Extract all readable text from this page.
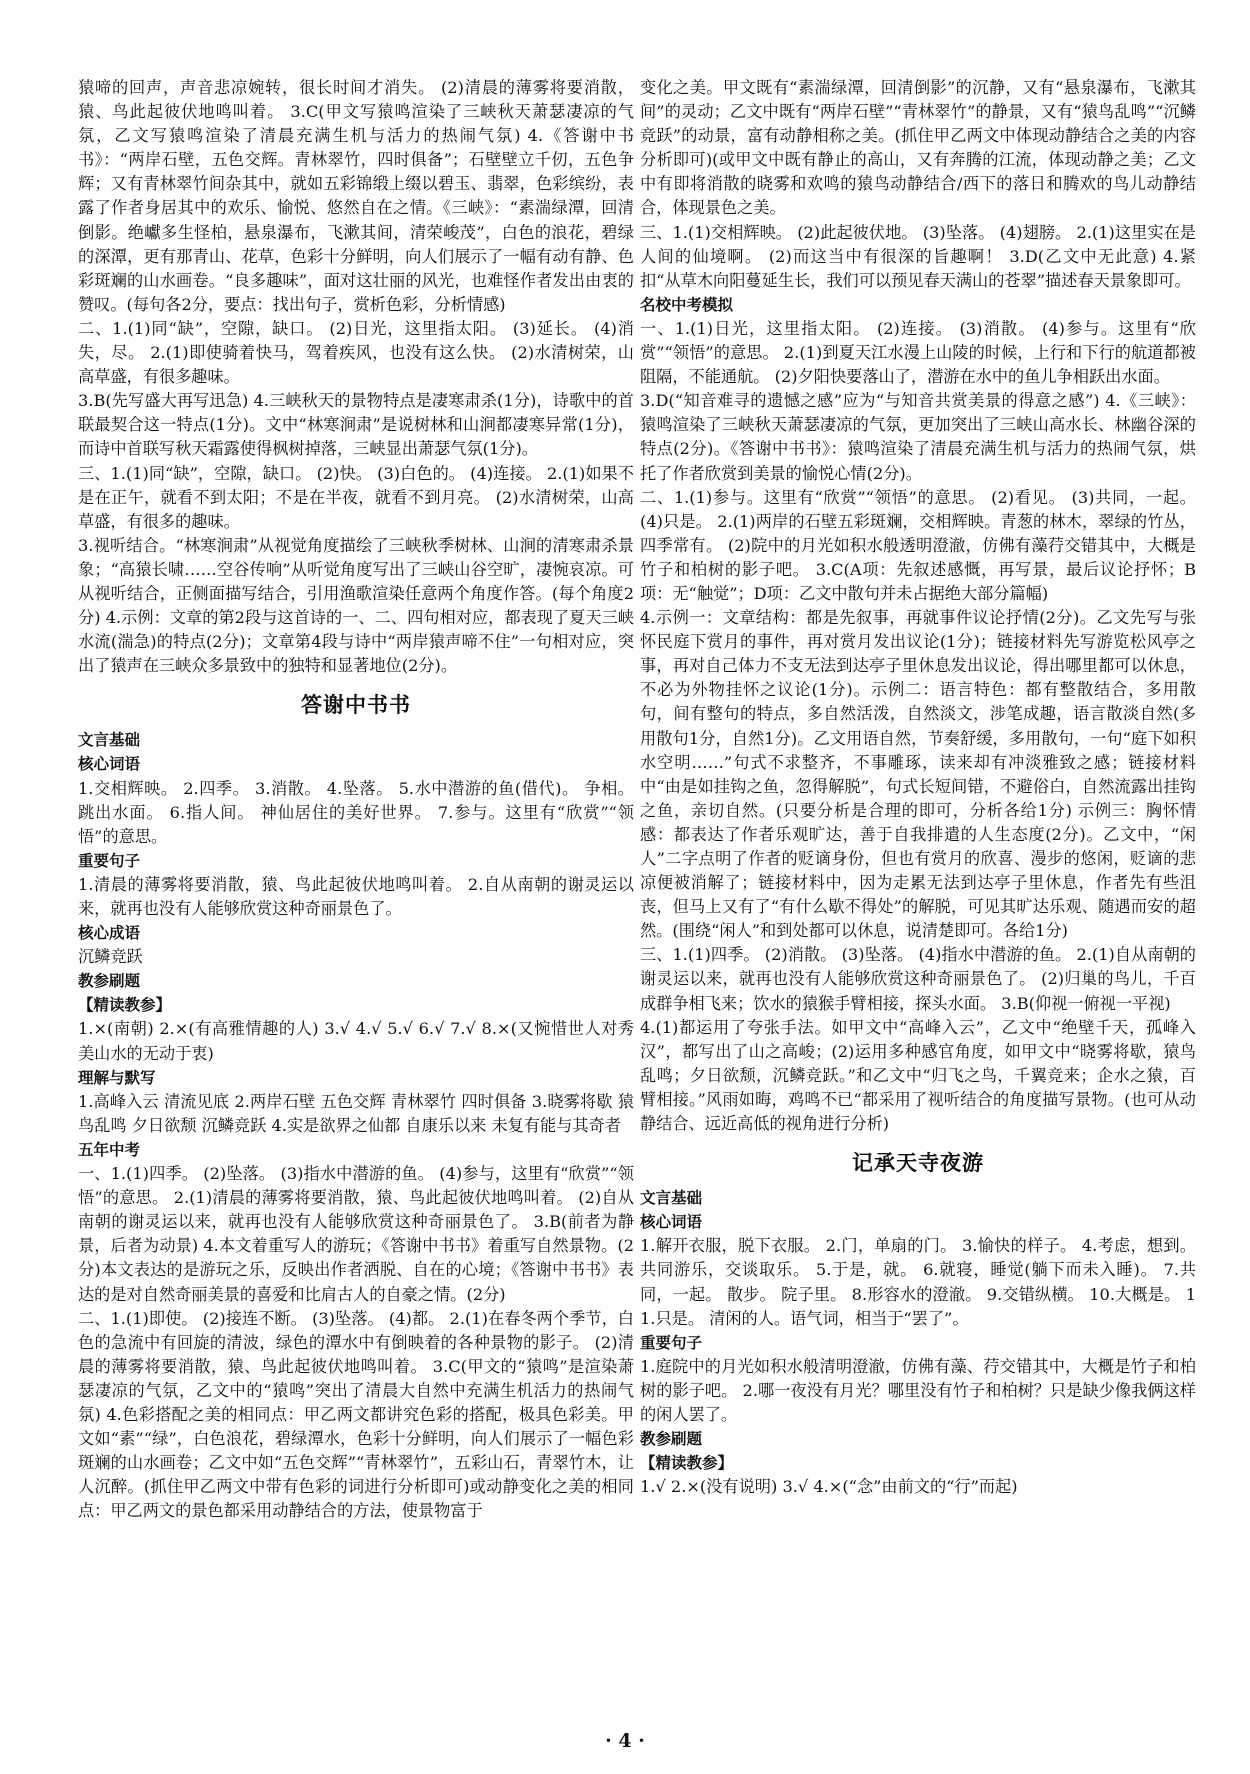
猿啼的回声，声音悲凉婉转，很长时间才消失。 (2)清晨的薄雾将要消散，猿、鸟此起彼伏地鸣叫着。 3.C(甲文写猿鸣渲染了三峡秋天萧瑟凄凉的气氛，乙文写猿鸣渲染了清晨充满生机与活力的热闹气氛) 4.《答谢中书书》：“两岸石壁，五色交辉。青林翠竹，四时俱备”；石壁壁立千仞，五色争辉；又有青林翠竹间杂其中，就如五彩锦缎上缀以碧玉、翡翠，色彩缤纷，表露了作者身居其中的欢乐、愉悦、悠然自在之情。《三峡》：“素湍绿潭，回清倒影。绝巘多生怪柏，悬泉瀑布，飞漱其间，清荣峻茂”，白色的浪花，碧绿的深潭，更有那青山、花草，色彩十分鲜明，向人们展示了一幅有动有静、色彩斑斓的山水画卷。“良多趣味”，面对这壮丽的风光，也难怪作者发出由衷的赞叹。(每句各2分，要点：找出句子，赏析色彩，分析情感)

二、1.(1)同“缺”，空隙，缺口。 (2)日光，这里指太阳。 (3)延长。 (4)消失，尽。 2.(1)即使骑着快马，驾着疾风，也没有这么快。 (2)水清树荣，山高草盛，有很多趣味。

3.B(先写盛大再写迅急) 4.三峡秋天的景物特点是凄寒肃杀(1分)，诗歌中的首联最契合这一特点(1分)。文中“林寒涧肃”是说树林和山涧都凄寒异常(1分)，而诗中首联写秋天霜露使得枫树掉落，三峡显出萧瑟气氛(1分)。

三、1.(1)同“缺”，空隙，缺口。 (2)快。 (3)白色的。 (4)连接。 2.(1)如果不是在正午，就看不到太阳；不是在半夜，就看不到月亮。 (2)水清树荣，山高草盛，有很多的趣味。

3.视听结合。“林寒涧肃”从视觉角度描绘了三峡秋季树林、山涧的清寒肃杀景象；“高猿长啸……空谷传响”从听觉角度写出了三峡山谷空旷，凄惋哀凉。可从视听结合，正侧面描写结合，引用渔歌渲染任意两个角度作答。(每个角度2分) 4.示例：文章的第2段与这首诗的一、二、四句相对应，都表现了夏天三峡水流(湍急)的特点(2分)；文章第4段与诗中“两岸猿声啼不住”一句相对应，突出了猿声在三峡众多景致中的独特和显著地位(2分)。

答谢中书书

文言基础

核心词语

1.交相辉映。 2.四季。 3.消散。 4.坠落。 5.水中潜游的鱼(借代)。 争相。 跳出水面。 6.指人间。 神仙居住的美好世界。 7.参与。这里有“欣赏”“领悟”的意思。

重要句子

1.清晨的薄雾将要消散，猿、鸟此起彼伏地鸣叫着。 2.自从南朝的谢灵运以来，就再也没有人能够欣赏这种奇丽景色了。

核心成语

沉鳞竞跃

教参刷题

【精读教参】

1.×(南朝) 2.×(有高雅情趣的人) 3.√ 4.√ 5.√ 6.√ 7.√ 8.×(又惋惜世人对秀美山水的无动于衷)

理解与默写

1.高峰入云 清流见底 2.两岸石壁 五色交辉 青林翠竹 四时俱备 3.晓雾将歇 猿鸟乱鸣 夕日欲颓 沉鳞竞跃 4.实是欲界之仙都 自康乐以来 未复有能与其奇者

五年中考

一、1.(1)四季。 (2)坠落。 (3)指水中潜游的鱼。 (4)参与，这里有“欣赏”“领悟”的意思。 2.(1)清晨的薄雾将要消散，猿、鸟此起彼伏地鸣叫着。 (2)自从南朝的谢灵运以来，就再也没有人能够欣赏这种奇丽景色了。 3.B(前者为静景，后者为动景) 4.本文着重写人的游玩；《答谢中书书》着重写自然景物。(2分)本文表达的是游玩之乐，反映出作者洒脱、自在的心境；《答谢中书书》表达的是对自然奇丽美景的喜爱和比肩古人的自豪之情。(2分)

二、1.(1)即使。 (2)接连不断。 (3)坠落。 (4)都。 2.(1)在春冬两个季节，白色的急流中有回旋的清波，绿色的潭水中有倒映着的各种景物的影子。 (2)清晨的薄雾将要消散，猿、鸟此起彼伏地鸣叫着。 3.C(甲文的“猿鸣”是渲染萧瑟凄凉的气氛，乙文中的“猿鸣”突出了清晨大自然中充满生机活力的热闹气氛) 4.色彩搭配之美的相同点：甲乙两文都讲究色彩的搭配，极具色彩美。甲文如“素”“绿”，白色浪花，碧绿潭水，色彩十分鲜明，向人们展示了一幅色彩斑斓的山水画卷；乙文中如“五色交辉”“青林翠竹”，五彩山石，青翠竹木，让人沉醉。(抓住甲乙两文中带有色彩的词进行分析即可)或动静变化之美的相同点：甲乙两文的景色都采用动静结合的方法，使景物富于

变化之美。甲文既有“素湍绿潭，回清倒影”的沉静，又有“悬泉瀑布，飞漱其间”的灵动；乙文中既有“两岸石壁”“青林翠竹”的静景，又有“猿鸟乱鸣”“沉鳞竞跃”的动景，富有动静相称之美。(抓住甲乙两文中体现动静结合之美的内容分析即可)(或甲文中既有静止的高山，又有奔腾的江流，体现动静之美；乙文中有即将消散的晓雾和欢鸣的猿鸟动静结合/西下的落日和腾欢的鸟儿动静结合，体现景色之美。

三、1.(1)交相辉映。 (2)此起彼伏地。 (3)坠落。 (4)翅膀。 2.(1)这里实在是人间的仙境啊。 (2)而这当中有很深的旨趣啊！ 3.D(乙文中无此意) 4.紧扣“从草木向阳蔓延生长，我们可以预见春天满山的苍翠”描述春天景象即可。

名校中考模拟

一、1.(1)日光，这里指太阳。 (2)连接。 (3)消散。 (4)参与。这里有“欣赏”“领悟”的意思。 2.(1)到夏天江水漫上山陵的时候，上行和下行的航道都被阻隔，不能通航。 (2)夕阳快要落山了，潜游在水中的鱼儿争相跃出水面。

3.D(“知音难寻的遗憾之感”应为“与知音共赏美景的得意之感”) 4.《三峡》：猿鸣渲染了三峡秋天萧瑟凄凉的气氛，更加突出了三峡山高水长、林幽谷深的特点(2分)。《答谢中书书》：猿鸣渲染了清晨充满生机与活力的热闹气氛，烘托了作者欣赏到美景的愉悦心情(2分)。

二、1.(1)参与。这里有“欣赏”“领悟”的意思。 (2)看见。 (3)共同，一起。 (4)只是。 2.(1)两岸的石壁五彩斑斓，交相辉映。青葱的林木，翠绿的竹丛，四季常有。 (2)院中的月光如积水般透明澄澈，仿佛有藻荇交错其中，大概是竹子和柏树的影子吧。 3.C(A项：先叙述感慨，再写景，最后议论抒怀；B项：无“触觉”；D项：乙文中散句并未占据绝大部分篇幅)

4.示例一：文章结构：都是先叙事，再就事件议论抒情(2分)。乙文先写与张怀民庭下赏月的事件，再对赏月发出议论(1分)；链接材料先写游览松风亭之事，再对自己体力不支无法到达亭子里休息发出议论，得出哪里都可以休息，不必为外物挂怀之议论(1分)。示例二：语言特色：都有整散结合，多用散句，间有整句的特点，多自然活泼，自然淡文，涉笔成趣，语言散淡自然(多用散句1分，自然1分)。乙文用语自然，节奏舒缓，多用散句，一句“庭下如积水空明……”句式不求整齐，不事雕琢，读来却有冲淡雅致之感；链接材料中“由是如挂钩之鱼，忽得解脱”，句式长短间错，不避俗白，自然流露出挂钩之鱼，亲切自然。(只要分析是合理的即可，分析各给1分) 示例三：胸怀情感：都表达了作者乐观旷达，善于自我排遣的人生态度(2分)。乙文中，“闲人”二字点明了作者的贬谪身份，但也有赏月的欣喜、漫步的悠闲，贬谪的悲凉便被消解了；链接材料中，因为走累无法到达亭子里休息，作者先有些沮丧，但马上又有了“有什么歇不得处”的解脱，可见其旷达乐观、随遇而安的超然。(围绕“闲人”和到处都可以休息，说清楚即可。各给1分)

三、1.(1)四季。 (2)消散。 (3)坠落。 (4)指水中潜游的鱼。 2.(1)自从南朝的谢灵运以来，就再也没有人能够欣赏这种奇丽景色了。 (2)归巢的鸟儿，千百成群争相飞来；饮水的猿猴手臂相接，探头水面。 3.B(仰视一俯视一平视)

4.(1)都运用了夸张手法。如甲文中“高峰入云”，乙文中“绝壁千天，孤峰入汉”，都写出了山之高峻；(2)运用多种感官角度，如甲文中“晓雾将歇，猿鸟乱鸣；夕日欲颓，沉鳞竞跃。”和乙文中“归飞之鸟，千翼竞来；企水之猿，百臂相接。”风雨如晦，鸡鸣不已“都采用了视听结合的角度描写景物。(也可从动静结合、远近高低的视角进行分析)

记承天寺夜游

文言基础

核心词语

1.解开衣服，脱下衣服。 2.门，单扇的门。 3.愉快的样子。 4.考虑，想到。 共同游乐，交谈取乐。 5.于是，就。 6.就寝，睡觉(躺下而未入睡)。 7.共同，一起。 散步。 院子里。 8.形容水的澄澈。 9.交错纵横。 10.大概是。 11.只是。 清闲的人。语气词，相当于“罢了”。

重要句子

1.庭院中的月光如积水般清明澄澈，仿佛有藻、荇交错其中，大概是竹子和柏树的影子吧。 2.哪一夜没有月光？哪里没有竹子和柏树？只是缺少像我俩这样的闲人罢了。

教参刷题

【精读教参】

1.√ 2.×(没有说明) 3.√ 4.×(“念”由前文的“行”而起)

· 4 ·
